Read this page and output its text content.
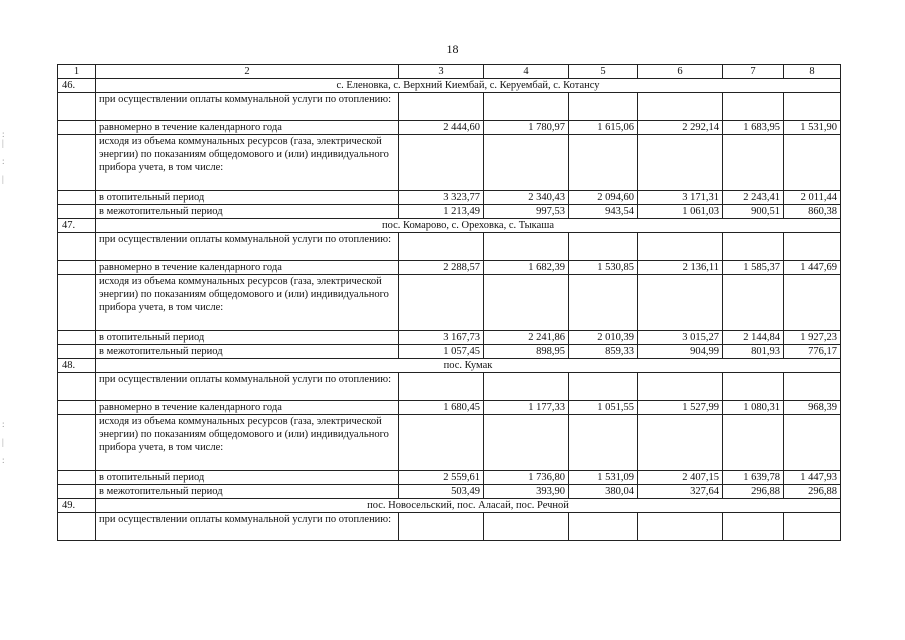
18
1	2	3	4	5	6	7	8
46.	с. Еленовка, с. Верхний Киембай, с. Керуембай, с. Котансу						
	при осуществлении оплаты коммунальной услуги по отоплению:						
	равномерно в течение календарного года	2 444,60	1 780,97	1 615,06	2 292,14	1 683,95	1 531,90
	исходя из объема коммунальных ресурсов (газа, электрической энергии) по показаниям общедомового и (или) индивидуального прибора учета, в том числе:						
	в отопительный период	3 323,77	2 340,43	2 094,60	3 171,31	2 243,41	2 011,44
	в межотопительный период	1 213,49	997,53	943,54	1 061,03	900,51	860,38
47.	пос. Комарово, с. Ореховка, с. Тыкаша						
	при осуществлении оплаты коммунальной услуги по отоплению:						
	равномерно в течение календарного года	2 288,57	1 682,39	1 530,85	2 136,11	1 585,37	1 447,69
	исходя из объема коммунальных ресурсов (газа, электрической энергии) по показаниям общедомового и (или) индивидуального прибора учета, в том числе:						
	в отопительный период	3 167,73	2 241,86	2 010,39	3 015,27	2 144,84	1 927,23
	в межотопительный период	1 057,45	898,95	859,33	904,99	801,93	776,17
48.	пос. Кумак						
	при осуществлении оплаты коммунальной услуги по отоплению:						
	равномерно в течение календарного года	1 680,45	1 177,33	1 051,55	1 527,99	1 080,31	968,39
	исходя из объема коммунальных ресурсов (газа, электрической энергии) по показаниям общедомового и (или) индивидуального прибора учета, в том числе:						
	в отопительный период	2 559,61	1 736,80	1 531,09	2 407,15	1 639,78	1 447,93
	в межотопительный период	503,49	393,90	380,04	327,64	296,88	296,88
49.	пос. Новосельский, пос. Аласай, пос. Речной						
	при осуществлении оплаты коммунальной услуги по отоплению:						
:
|

:

|
:

|

:
